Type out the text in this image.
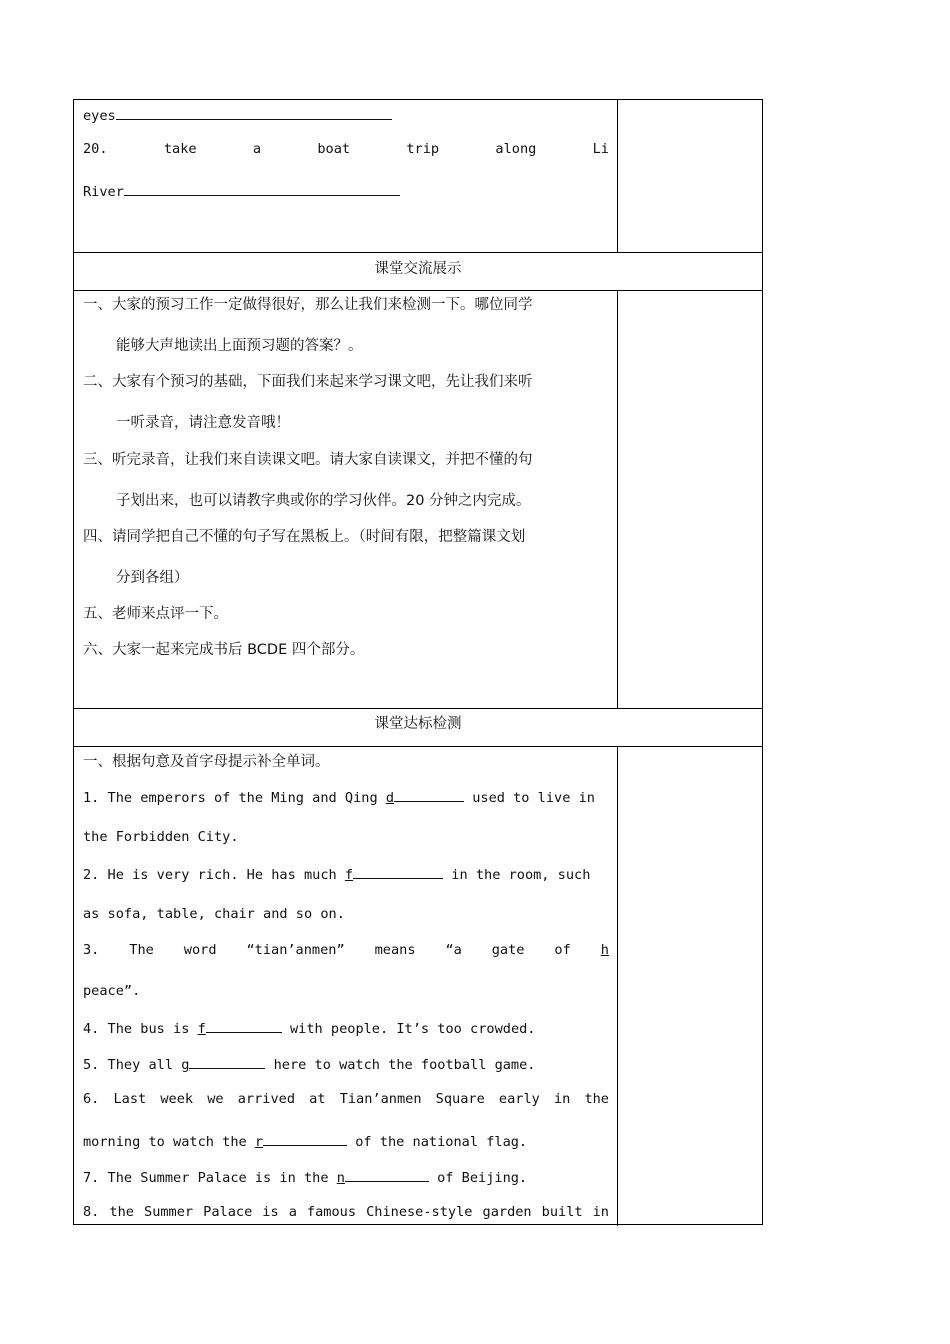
eyes
20.	take	a	boat	trip	along	Li
River
课堂交流展示
一、大家的预习工作一定做得很好，那么让我们来检测一下。哪位同学
能够大声地读出上面预习题的答案？。
二、大家有个预习的基础，下面我们来起来学习课文吧，先让我们来听
一听录音，请注意发音哦！
三、听完录音，让我们来自读课文吧。请大家自读课文，并把不懂的句
子划出来，也可以请教字典或你的学习伙伴。20 分钟之内完成。
四、请同学把自己不懂的句子写在黑板上。（时间有限，把整篇课文划
分到各组）
五、老师来点评一下。
六、大家一起来完成书后 BCDE 四个部分。
课堂达标检测
一、根据句意及首字母提示补全单词。
1. The emperors of the Ming and Qing d	used to live in
the Forbidden City.
2. He is very rich. He has much f	in the room, such
as sofa, table, chair and so on.
3. The word “tian’anmen” means “a gate of h
peace”.
4. The bus is f	with people. It’s too crowded.
5. They all g	here to watch the football game.
6. Last week we arrived at Tian’anmen Square early in the
morning to watch the r	of the national flag.
7. The Summer Palace is in the n	of Beijing.
8. the Summer Palace is a famous Chinese-style garden built in
